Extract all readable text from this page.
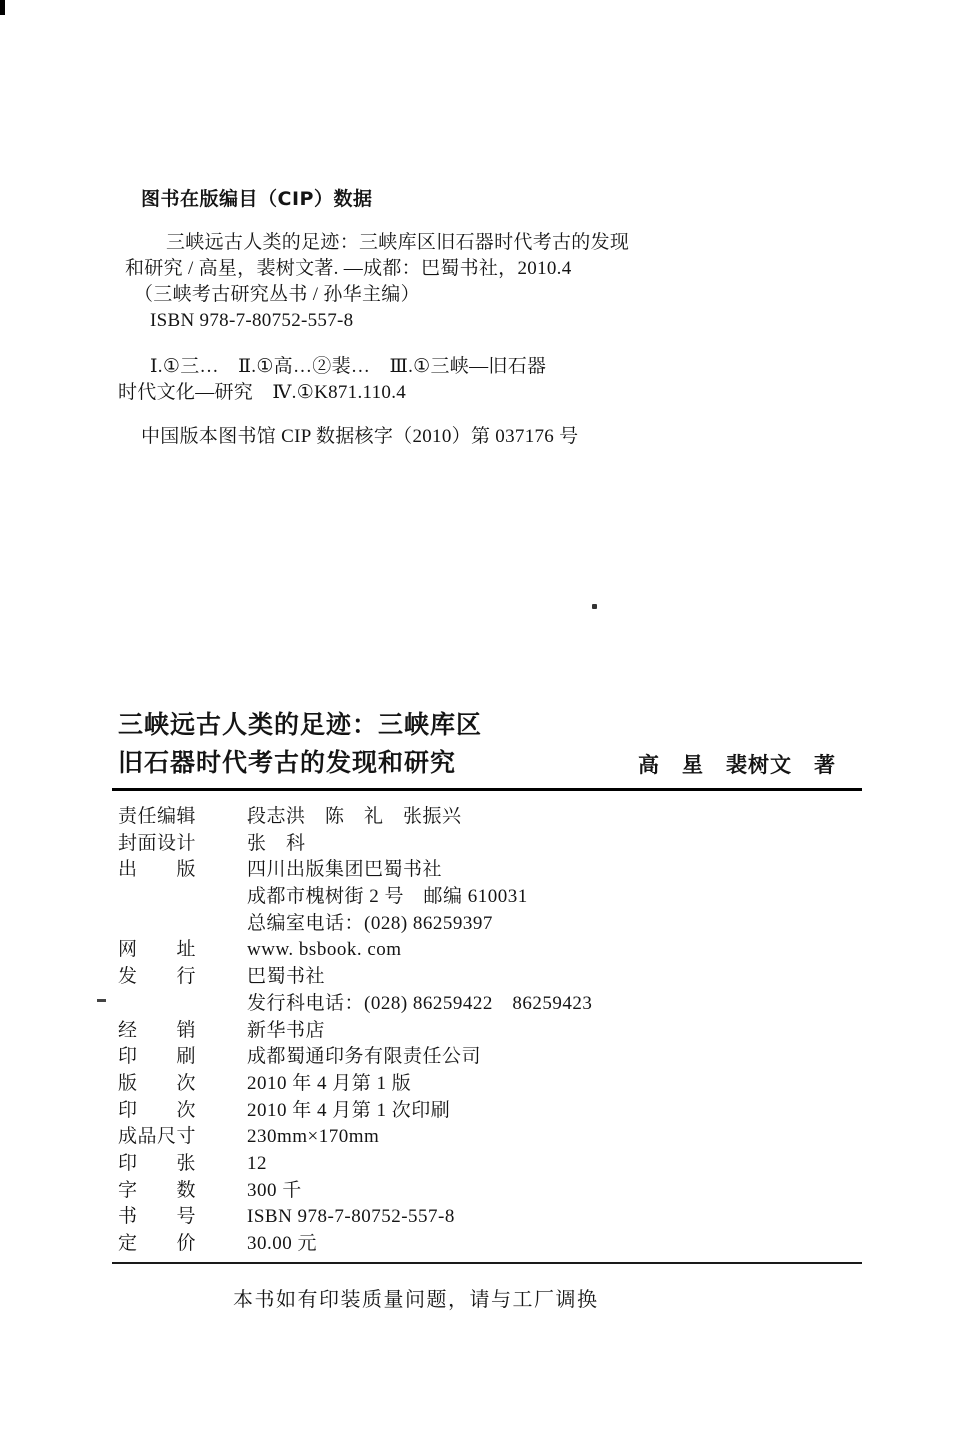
图书在版编目（CIP）数据
三峡远古人类的足迹：三峡库区旧石器时代考古的发现
和研究 / 高星，裴树文著. —成都：巴蜀书社，2010.4
（三峡考古研究丛书 / 孙华主编）
ISBN 978-7-80752-557-8
Ⅰ.①三…　Ⅱ.①高…②裴…　Ⅲ.①三峡—旧石器
时代文化—研究　Ⅳ.①K871.110.4
中国版本图书馆 CIP 数据核字（2010）第 037176 号
三峡远古人类的足迹：三峡库区
旧石器时代考古的发现和研究	高　星　裴树文　著
责任编辑	段志洪　陈　礼　张振兴
封面设计	张　科
出　　版	四川出版集团巴蜀书社
成都市槐树街 2 号　邮编 610031
总编室电话：(028) 86259397
网　　址	www. bsbook. com
发　　行	巴蜀书社
发行科电话：(028) 86259422　86259423
经　　销	新华书店
印　　刷	成都蜀通印务有限责任公司
版　　次	2010 年 4 月第 1 版
印　　次	2010 年 4 月第 1 次印刷
成品尺寸	230mm×170mm
印　　张	12
字　　数	300 千
书　　号	ISBN 978-7-80752-557-8
定　　价	30.00 元
本书如有印装质量问题，请与工厂调换
